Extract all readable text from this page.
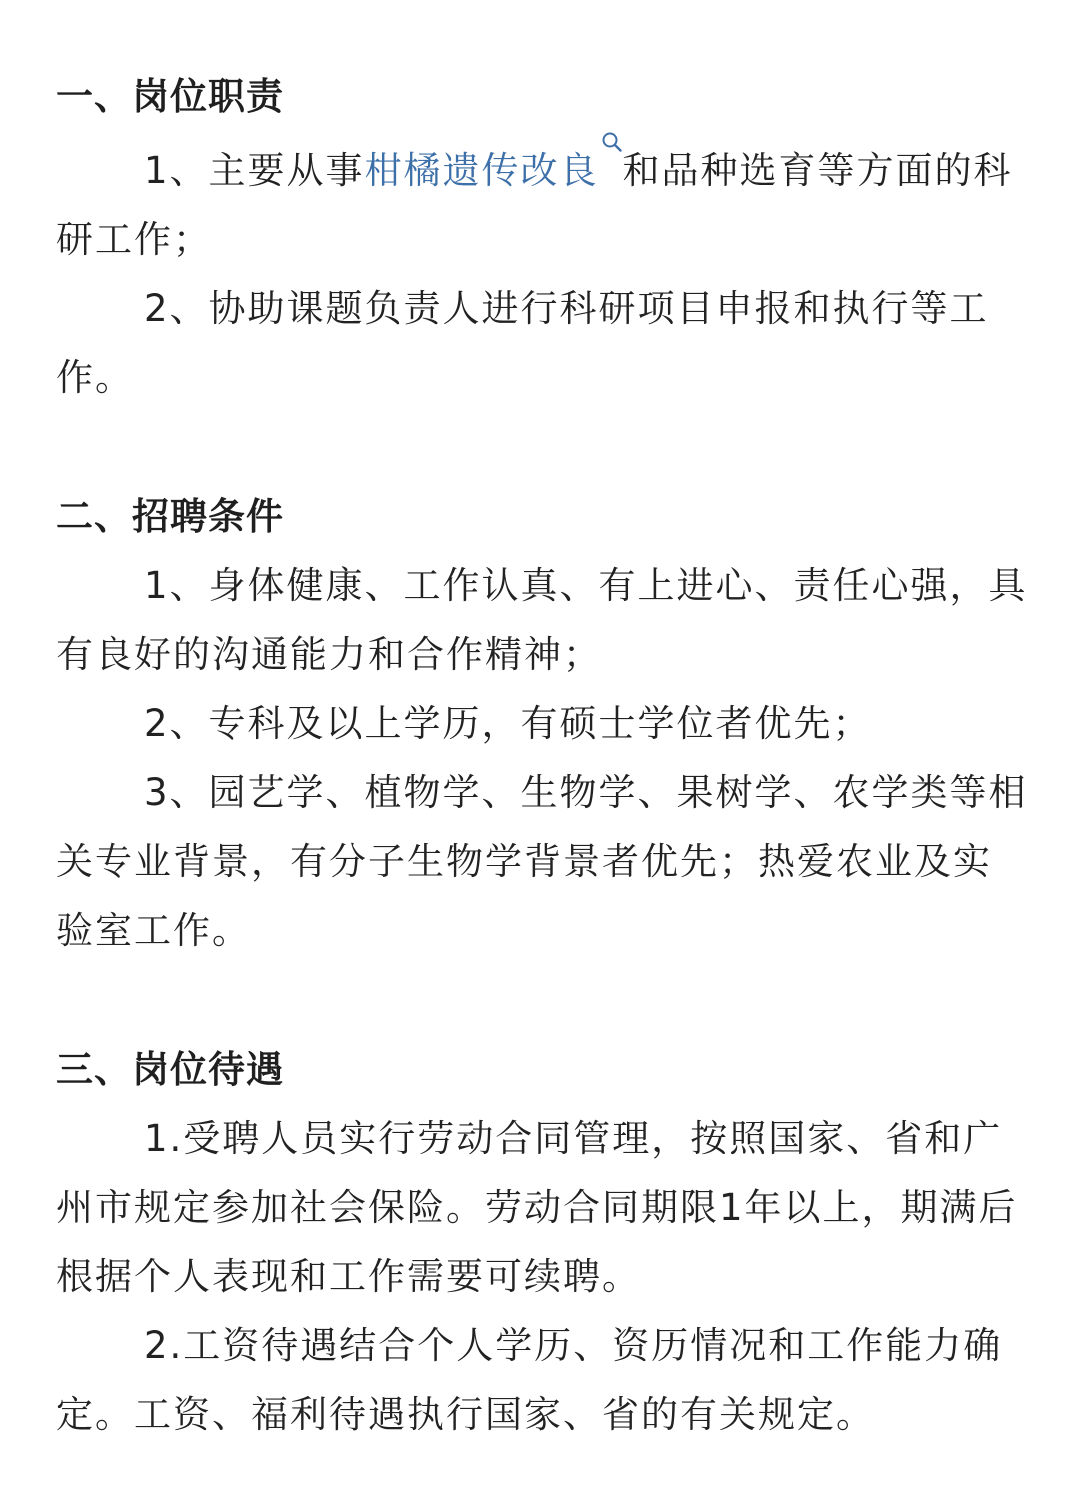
一、岗位职责

1、主要从事柑橘遗传改良 和品种选育等方面的科研工作；

2、协助课题负责人进行科研项目申报和执行等工作。

二、招聘条件

1、身体健康、工作认真、有上进心、责任心强，具有良好的沟通能力和合作精神；

2、专科及以上学历，有硕士学位者优先；

3、园艺学、植物学、生物学、果树学、农学类等相关专业背景，有分子生物学背景者优先；热爱农业及实验室工作。

三、岗位待遇

1.受聘人员实行劳动合同管理，按照国家、省和广州市规定参加社会保险。劳动合同期限1年以上，期满后根据个人表现和工作需要可续聘。

2.工资待遇结合个人学历、资历情况和工作能力确定。工资、福利待遇执行国家、省的有关规定。
